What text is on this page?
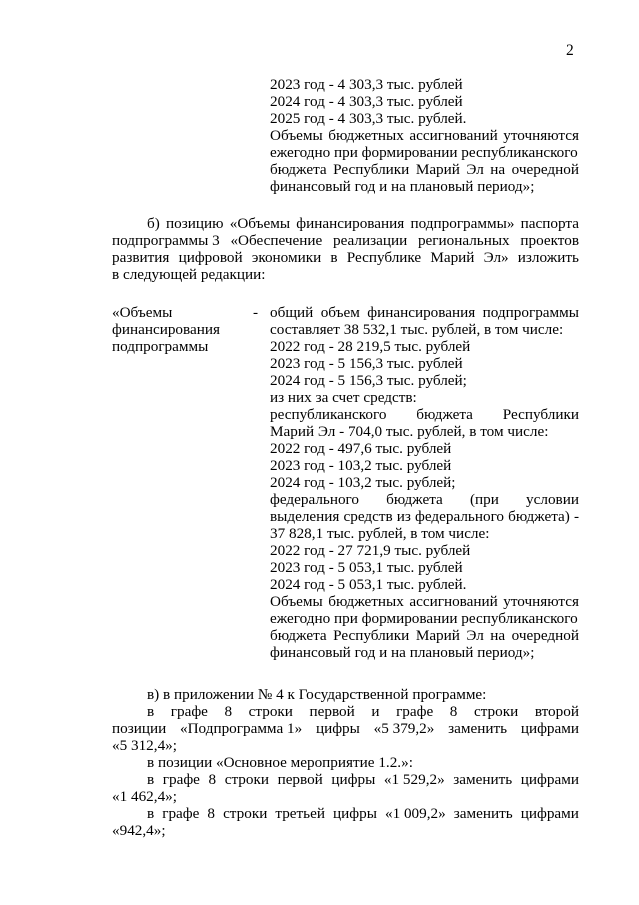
2
2023 год - 4 303,3 тыс. рублей
2024 год - 4 303,3 тыс. рублей
2025 год - 4 303,3 тыс. рублей.
Объемы бюджетных ассигнований уточняются
ежегодно при формировании республиканского
бюджета Республики Марий Эл на очередной
финансовый год и на плановый период»;
б) позицию «Объемы финансирования подпрограммы» паспорта
подпрограммы 3 «Обеспечение реализации региональных проектов
развития цифровой экономики в Республике Марий Эл» изложить
в следующей редакции:
«Объемы
финансирования
подпрограммы
- общий объем финансирования подпрограммы
составляет 38 532,1 тыс. рублей, в том числе:
2022 год - 28 219,5 тыс. рублей
2023 год - 5 156,3 тыс. рублей
2024 год - 5 156,3 тыс. рублей;
из них за счет средств:
республиканского бюджета Республики
Марий Эл - 704,0 тыс. рублей, в том числе:
2022 год - 497,6 тыс. рублей
2023 год - 103,2 тыс. рублей
2024 год - 103,2 тыс. рублей;
федерального бюджета (при условии
выделения средств из федерального бюджета) -
37 828,1 тыс. рублей, в том числе:
2022 год - 27 721,9 тыс. рублей
2023 год - 5 053,1 тыс. рублей
2024 год - 5 053,1 тыс. рублей.
Объемы бюджетных ассигнований уточняются
ежегодно при формировании республиканского
бюджета Республики Марий Эл на очередной
финансовый год и на плановый период»;
в) в приложении № 4 к Государственной программе:
в графе 8 строки первой и графе 8 строки второй
позиции «Подпрограмма 1» цифры «5 379,2» заменить цифрами
«5 312,4»;
в позиции «Основное мероприятие 1.2.»:
в графе 8 строки первой цифры «1 529,2» заменить цифрами
«1 462,4»;
в графе 8 строки третьей цифры «1 009,2» заменить цифрами
«942,4»;
